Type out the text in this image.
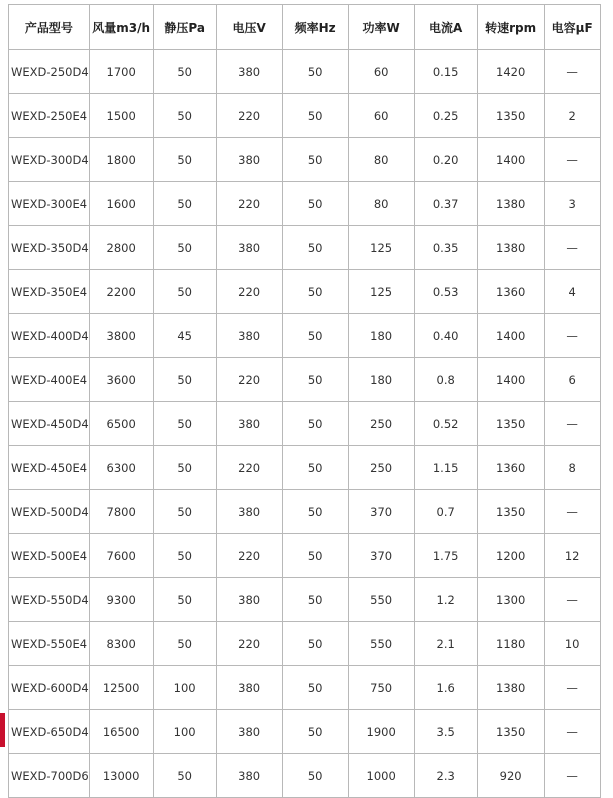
产品型号	风量m3/h	静压Pa	电压V	频率Hz	功率W	电流A	转速rpm	电容μF
WEXD-250D4	1700	50	380	50	60	0.15	1420	—
WEXD-250E4	1500	50	220	50	60	0.25	1350	2
WEXD-300D4	1800	50	380	50	80	0.20	1400	—
WEXD-300E4	1600	50	220	50	80	0.37	1380	3
WEXD-350D4	2800	50	380	50	125	0.35	1380	—
WEXD-350E4	2200	50	220	50	125	0.53	1360	4
WEXD-400D4	3800	45	380	50	180	0.40	1400	—
WEXD-400E4	3600	50	220	50	180	0.8	1400	6
WEXD-450D4	6500	50	380	50	250	0.52	1350	—
WEXD-450E4	6300	50	220	50	250	1.15	1360	8
WEXD-500D4	7800	50	380	50	370	0.7	1350	—
WEXD-500E4	7600	50	220	50	370	1.75	1200	12
WEXD-550D4	9300	50	380	50	550	1.2	1300	—
WEXD-550E4	8300	50	220	50	550	2.1	1180	10
WEXD-600D4	12500	100	380	50	750	1.6	1380	—
WEXD-650D4	16500	100	380	50	1900	3.5	1350	—
WEXD-700D6	13000	50	380	50	1000	2.3	920	—
